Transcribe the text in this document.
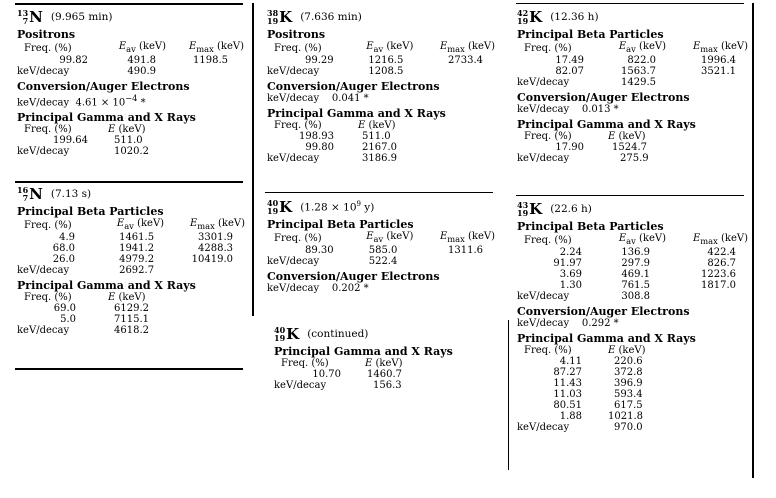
13
7 N (9.965 min)
Positrons
Freq. (%)	$E_{av}$ (keV)	$E_{max}$ (keV)
99.82	491.8	1198.5
keV/decay	490.9	
Conversion/Auger Electrons
keV/decay $4.61 \times 10^{-4}$ *
Principal Gamma and X Rays
Freq. (%)	E (keV)
199.64	511.0
keV/decay	1020.2
16
7 N (7.13 s)
Principal Beta Particles
Freq. (%)	$E_{av}$ (keV)	$E_{max}$ (keV)
4.9	1461.5	3301.9
68.0	1941.2	4288.3
26.0	4979.2	10419.0
keV/decay	2692.7	
Principal Gamma and X Rays
Freq. (%)	E (keV)
69.0	6129.2
5.0	7115.1
keV/decay	4618.2
38
19 K (7.636 min)
Positrons
Freq. (%)	$E_{av}$ (keV)	$E_{max}$ (keV)
99.29	1216.5	2733.4
keV/decay	1208.5	
Conversion/Auger Electrons
keV/decay 0.041 *
Principal Gamma and X Rays
Freq. (%)	E (keV)
198.93	511.0
99.80	2167.0
keV/decay	3186.9
40
19 K ($1.28 \times 10^9$ y)
Principal Beta Particles
Freq. (%)	$E_{av}$ (keV)	$E_{max}$ (keV)
89.30	585.0	1311.6
keV/decay	522.4	
Conversion/Auger Electrons
keV/decay 0.202 *
40
19 K (continued)
Principal Gamma and X Rays
Freq. (%)	E (keV)
10.70	1460.7
keV/decay	156.3
42
19 K (12.36 h)
Principal Beta Particles
Freq. (%)	$E_{av}$ (keV)	$E_{max}$ (keV)
17.49	822.0	1996.4
82.07	1563.7	3521.1
keV/decay	1429.5	
Conversion/Auger Electrons
keV/decay 0.013 *
Principal Gamma and X Rays
Freq. (%)	E (keV)
17.90	1524.7
keV/decay	275.9
43
19 K (22.6 h)
Principal Beta Particles
Freq. (%)	$E_{av}$ (keV)	$E_{max}$ (keV)
2.24	136.9	422.4
91.97	297.9	826.7
3.69	469.1	1223.6
1.30	761.5	1817.0
keV/decay	308.8	
Conversion/Auger Electrons
keV/decay 0.292 *
Principal Gamma and X Rays
Freq. (%)	E (keV)
4.11	220.6
87.27	372.8
11.43	396.9
11.03	593.4
80.51	617.5
1.88	1021.8
keV/decay	970.0
